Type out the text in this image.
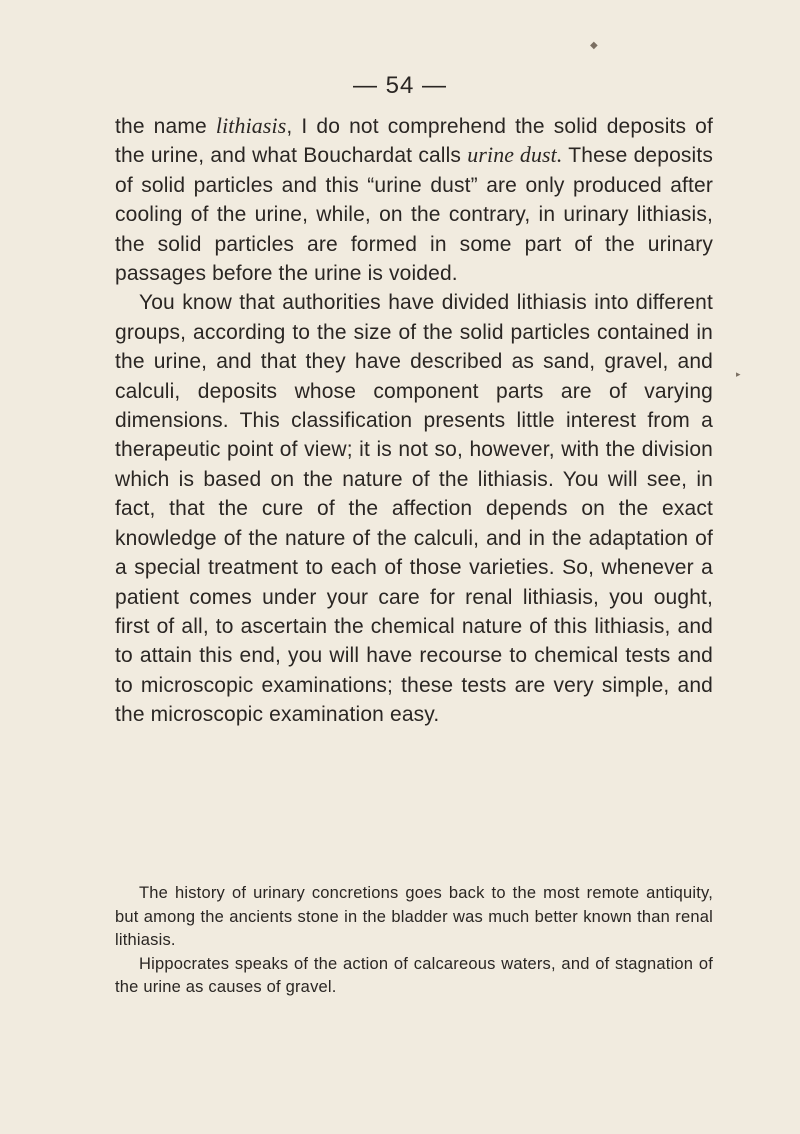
◆
▸
— 54 —

the name lithiasis, I do not comprehend the solid deposits of the urine, and what Bouchardat calls urine dust. These deposits of solid particles and this “urine dust” are only produced after cooling of the urine, while, on the contrary, in urinary lithiasis, the solid particles are formed in some part of the urinary passages before the urine is voided.

You know that authorities have divided lithiasis into different groups, according to the size of the solid particles contained in the urine, and that they have described as sand, gravel, and calculi, deposits whose component parts are of varying dimensions. This classification presents little interest from a therapeutic point of view; it is not so, however, with the division which is based on the nature of the lithiasis. You will see, in fact, that the cure of the affection depends on the exact knowledge of the nature of the calculi, and in the adaptation of a special treatment to each of those varieties. So, whenever a patient comes under your care for renal lithiasis, you ought, first of all, to ascertain the chemical nature of this lithiasis, and to attain this end, you will have recourse to chemical tests and to microscopic examinations; these tests are very simple, and the microscopic examination easy.

The history of urinary concretions goes back to the most remote antiquity, but among the ancients stone in the bladder was much better known than renal lithiasis.

Hippocrates speaks of the action of calcareous waters, and of stagnation of the urine as causes of gravel.
